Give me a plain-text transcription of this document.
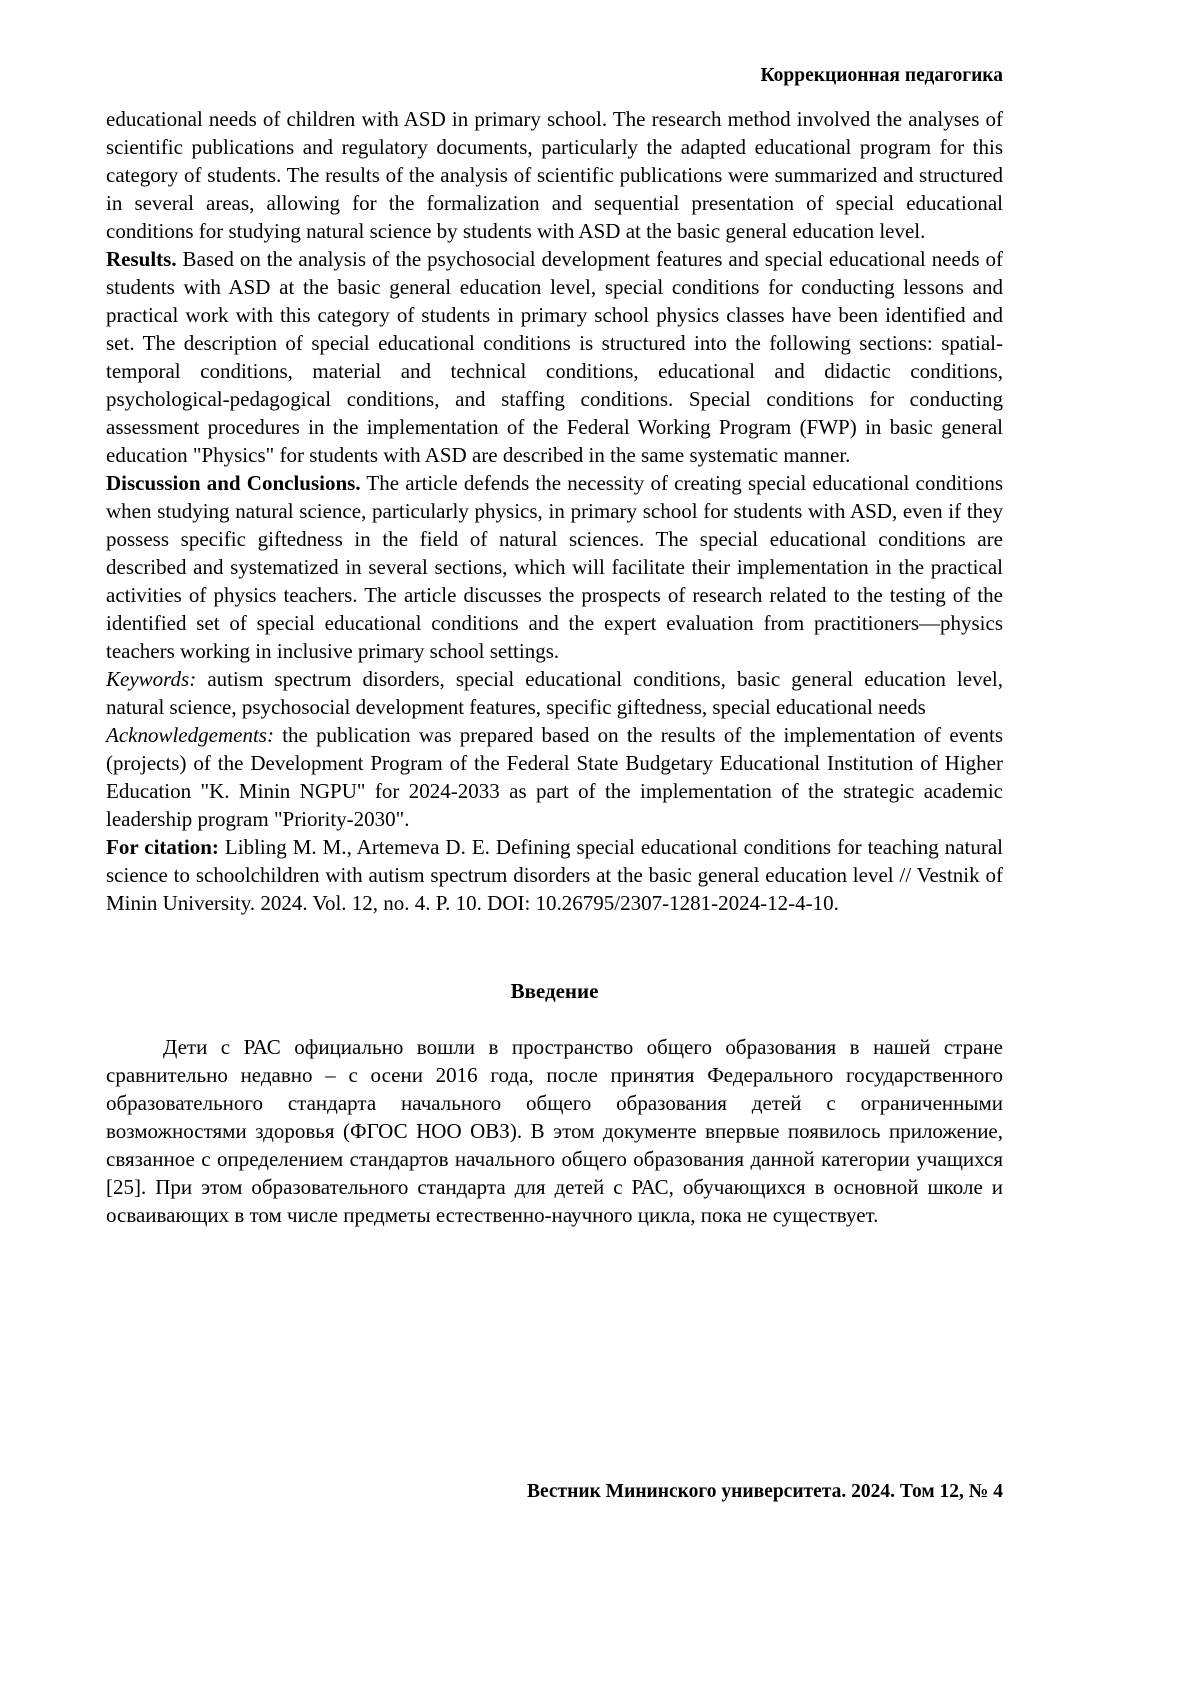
Коррекционная педагогика

educational needs of children with ASD in primary school. The research method involved the analyses of scientific publications and regulatory documents, particularly the adapted educational program for this category of students. The results of the analysis of scientific publications were summarized and structured in several areas, allowing for the formalization and sequential presentation of special educational conditions for studying natural science by students with ASD at the basic general education level.

Results. Based on the analysis of the psychosocial development features and special educational needs of students with ASD at the basic general education level, special conditions for conducting lessons and practical work with this category of students in primary school physics classes have been identified and set. The description of special educational conditions is structured into the following sections: spatial-temporal conditions, material and technical conditions, educational and didactic conditions, psychological-pedagogical conditions, and staffing conditions. Special conditions for conducting assessment procedures in the implementation of the Federal Working Program (FWP) in basic general education "Physics" for students with ASD are described in the same systematic manner.

Discussion and Conclusions. The article defends the necessity of creating special educational conditions when studying natural science, particularly physics, in primary school for students with ASD, even if they possess specific giftedness in the field of natural sciences. The special educational conditions are described and systematized in several sections, which will facilitate their implementation in the practical activities of physics teachers. The article discusses the prospects of research related to the testing of the identified set of special educational conditions and the expert evaluation from practitioners—physics teachers working in inclusive primary school settings.

Keywords: autism spectrum disorders, special educational conditions, basic general education level, natural science, psychosocial development features, specific giftedness, special educational needs

Acknowledgements: the publication was prepared based on the results of the implementation of events (projects) of the Development Program of the Federal State Budgetary Educational Institution of Higher Education "K. Minin NGPU" for 2024-2033 as part of the implementation of the strategic academic leadership program "Priority-2030".

For citation: Libling M. M., Artemeva D. E. Defining special educational conditions for teaching natural science to schoolchildren with autism spectrum disorders at the basic general education level // Vestnik of Minin University. 2024. Vol. 12, no. 4. P. 10. DOI: 10.26795/2307-1281-2024-12-4-10.

Введение

Дети с РАС официально вошли в пространство общего образования в нашей стране сравнительно недавно – с осени 2016 года, после принятия Федерального государственного образовательного стандарта начального общего образования детей с ограниченными возможностями здоровья (ФГОС НОО ОВЗ). В этом документе впервые появилось приложение, связанное с определением стандартов начального общего образования данной категории учащихся [25]. При этом образовательного стандарта для детей с РАС, обучающихся в основной школе и осваивающих в том числе предметы естественно-научного цикла, пока не существует.

Вестник Мининского университета. 2024. Том 12, № 4
